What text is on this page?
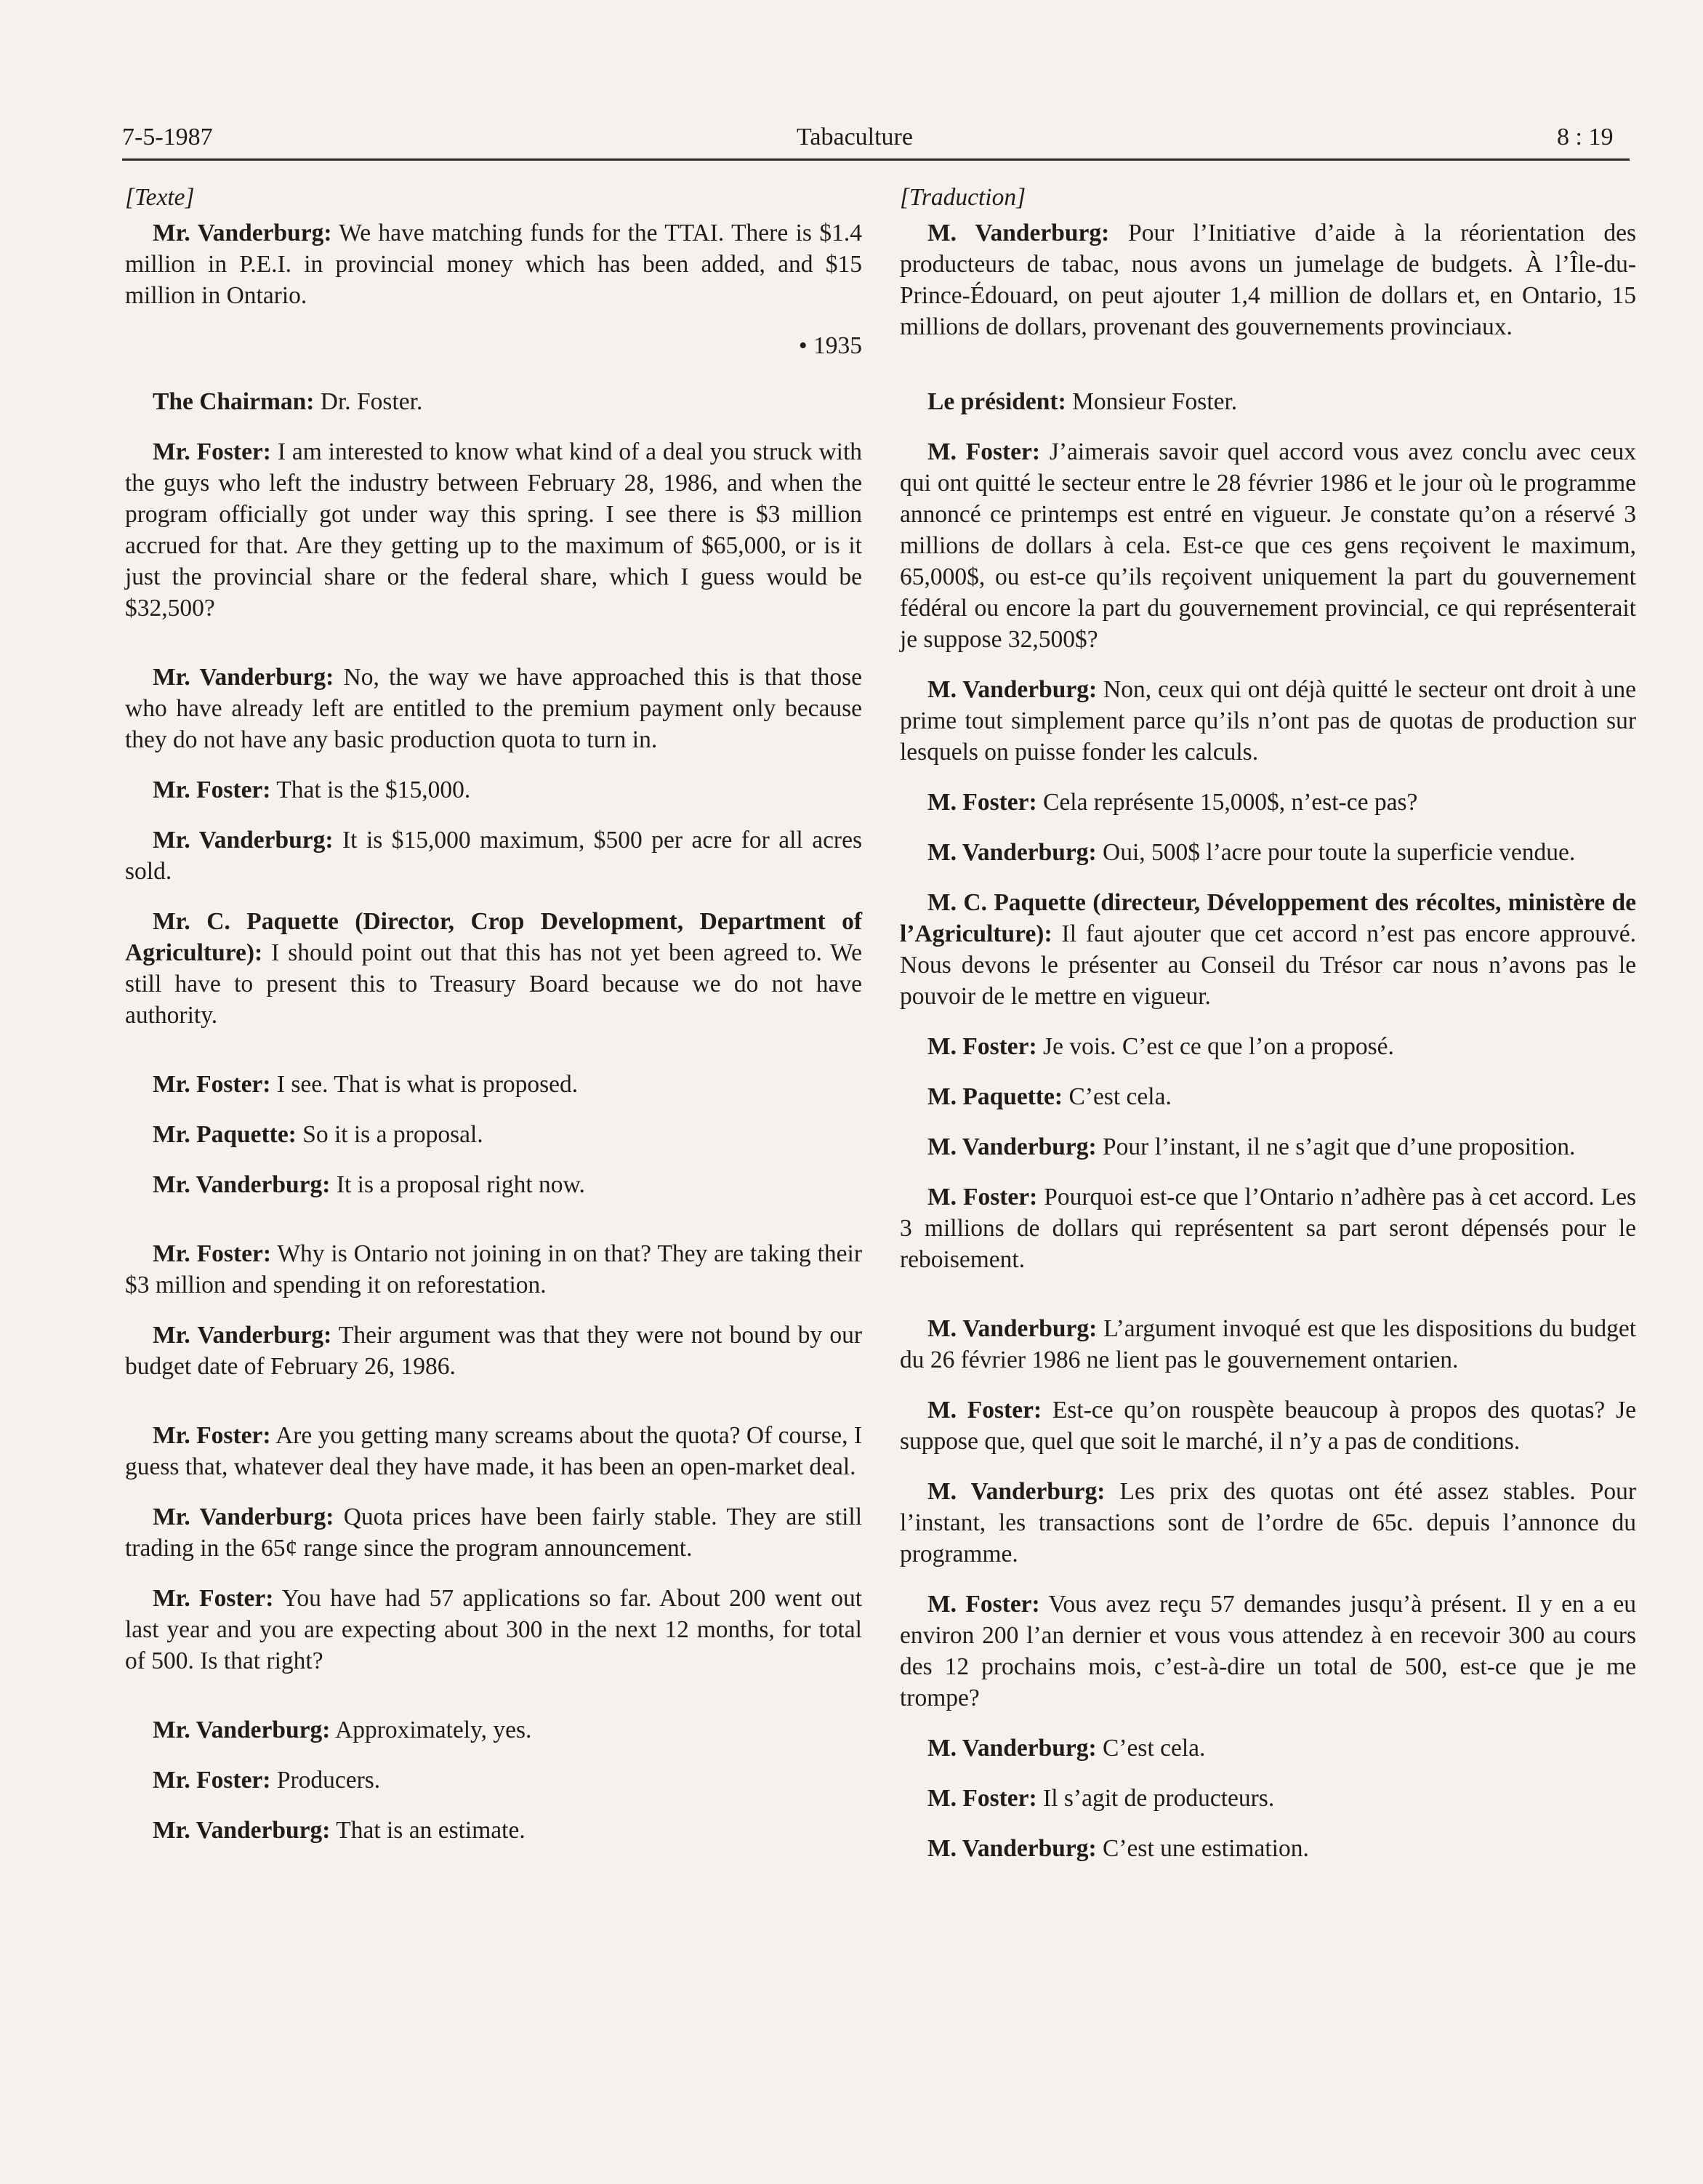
7-5-1987	Tabaculture	8 : 19
[Texte]

Mr. Vanderburg: We have matching funds for the TTAI. There is $1.4 million in P.E.I. in provincial money which has been added, and $15 million in Ontario.

• 1935

The Chairman: Dr. Foster.

Mr. Foster: I am interested to know what kind of a deal you struck with the guys who left the industry between February 28, 1986, and when the program officially got under way this spring. I see there is $3 million accrued for that. Are they getting up to the maximum of $65,000, or is it just the provincial share or the federal share, which I guess would be $32,500?

Mr. Vanderburg: No, the way we have approached this is that those who have already left are entitled to the premium payment only because they do not have any basic production quota to turn in.

Mr. Foster: That is the $15,000.

Mr. Vanderburg: It is $15,000 maximum, $500 per acre for all acres sold.

Mr. C. Paquette (Director, Crop Development, Department of Agriculture): I should point out that this has not yet been agreed to. We still have to present this to Treasury Board because we do not have authority.

Mr. Foster: I see. That is what is proposed.

Mr. Paquette: So it is a proposal.

Mr. Vanderburg: It is a proposal right now.

Mr. Foster: Why is Ontario not joining in on that? They are taking their $3 million and spending it on reforestation.

Mr. Vanderburg: Their argument was that they were not bound by our budget date of February 26, 1986.

Mr. Foster: Are you getting many screams about the quota? Of course, I guess that, whatever deal they have made, it has been an open-market deal.

Mr. Vanderburg: Quota prices have been fairly stable. They are still trading in the 65¢ range since the program announcement.

Mr. Foster: You have had 57 applications so far. About 200 went out last year and you are expecting about 300 in the next 12 months, for total of 500. Is that right?

Mr. Vanderburg: Approximately, yes.

Mr. Foster: Producers.

Mr. Vanderburg: That is an estimate.

[Traduction]

M. Vanderburg: Pour l’Initiative d’aide à la réorientation des producteurs de tabac, nous avons un jumelage de budgets. À l’Île-du-Prince-Édouard, on peut ajouter 1,4 million de dollars et, en Ontario, 15 millions de dollars, provenant des gouvernements provinciaux.

Le président: Monsieur Foster.

M. Foster: J’aimerais savoir quel accord vous avez conclu avec ceux qui ont quitté le secteur entre le 28 février 1986 et le jour où le programme annoncé ce printemps est entré en vigueur. Je constate qu’on a réservé 3 millions de dollars à cela. Est-ce que ces gens reçoivent le maximum, 65,000$, ou est-ce qu’ils reçoivent uniquement la part du gouvernement fédéral ou encore la part du gouvernement provincial, ce qui représenterait je suppose 32,500$?

M. Vanderburg: Non, ceux qui ont déjà quitté le secteur ont droit à une prime tout simplement parce qu’ils n’ont pas de quotas de production sur lesquels on puisse fonder les calculs.

M. Foster: Cela représente 15,000$, n’est-ce pas?

M. Vanderburg: Oui, 500$ l’acre pour toute la superficie vendue.

M. C. Paquette (directeur, Développement des récoltes, ministère de l’Agriculture): Il faut ajouter que cet accord n’est pas encore approuvé. Nous devons le présenter au Conseil du Trésor car nous n’avons pas le pouvoir de le mettre en vigueur.

M. Foster: Je vois. C’est ce que l’on a proposé.

M. Paquette: C’est cela.

M. Vanderburg: Pour l’instant, il ne s’agit que d’une proposition.

M. Foster: Pourquoi est-ce que l’Ontario n’adhère pas à cet accord. Les 3 millions de dollars qui représentent sa part seront dépensés pour le reboisement.

M. Vanderburg: L’argument invoqué est que les dispositions du budget du 26 février 1986 ne lient pas le gouvernement ontarien.

M. Foster: Est-ce qu’on rouspète beaucoup à propos des quotas? Je suppose que, quel que soit le marché, il n’y a pas de conditions.

M. Vanderburg: Les prix des quotas ont été assez stables. Pour l’instant, les transactions sont de l’ordre de 65c. depuis l’annonce du programme.

M. Foster: Vous avez reçu 57 demandes jusqu’à présent. Il y en a eu environ 200 l’an dernier et vous vous attendez à en recevoir 300 au cours des 12 prochains mois, c’est-à-dire un total de 500, est-ce que je me trompe?

M. Vanderburg: C’est cela.

M. Foster: Il s’agit de producteurs.

M. Vanderburg: C’est une estimation.
